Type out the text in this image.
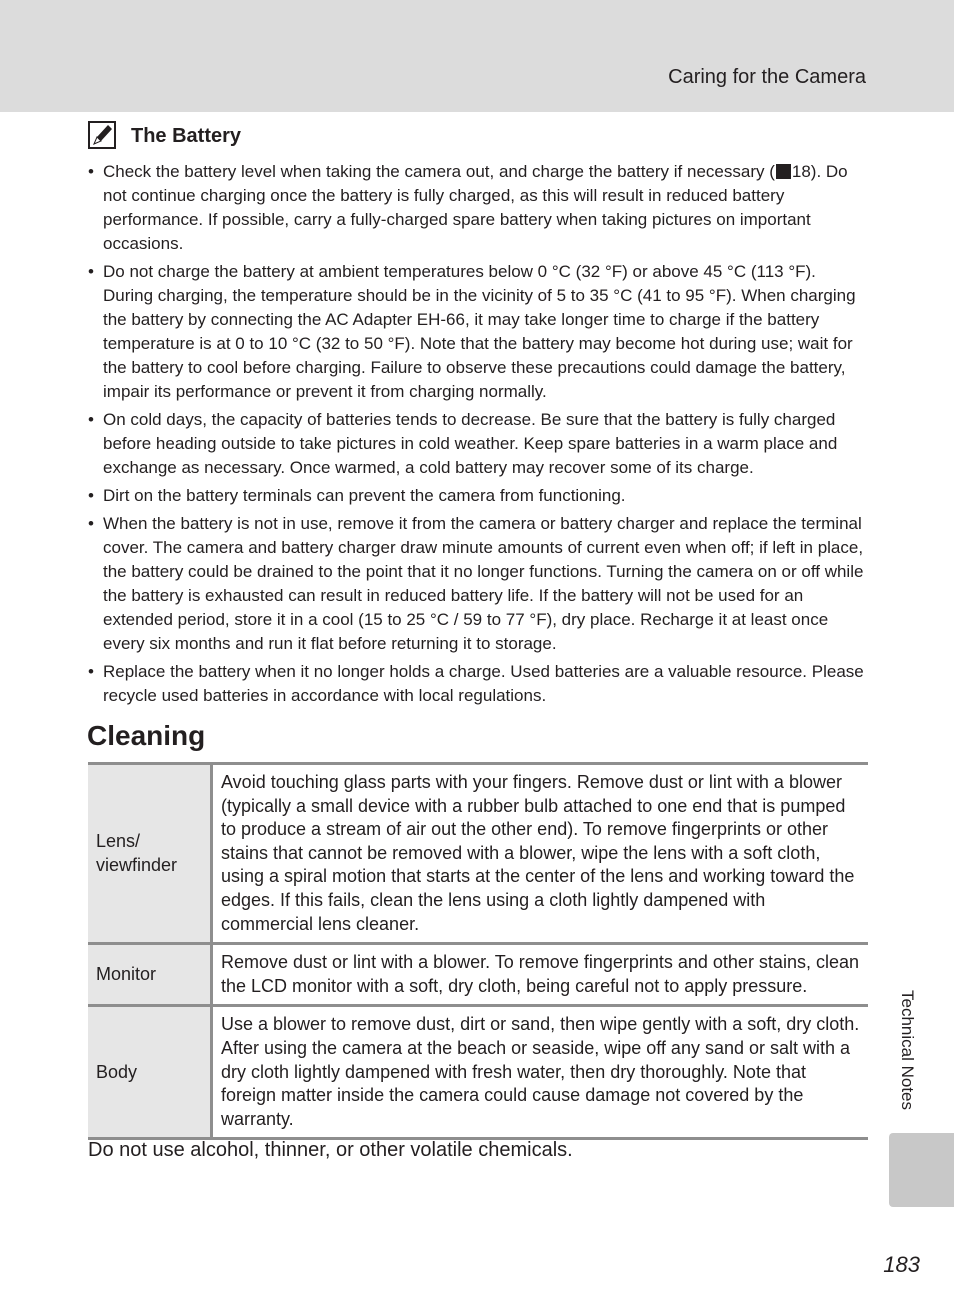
Caring for the Camera
The Battery
• Check the battery level when taking the camera out, and charge the battery if necessary ( 18). Do not continue charging once the battery is fully charged, as this will result in reduced battery performance. If possible, carry a fully-charged spare battery when taking pictures on important occasions.
• Do not charge the battery at ambient temperatures below 0 °C (32 °F) or above 45 °C (113 °F). During charging, the temperature should be in the vicinity of 5 to 35 °C (41 to 95 °F). When charging the battery by connecting the AC Adapter EH-66, it may take longer time to charge if the battery temperature is at 0 to 10 °C (32 to 50 °F). Note that the battery may become hot during use; wait for the battery to cool before charging. Failure to observe these precautions could damage the battery, impair its performance or prevent it from charging normally.
• On cold days, the capacity of batteries tends to decrease. Be sure that the battery is fully charged before heading outside to take pictures in cold weather. Keep spare batteries in a warm place and exchange as necessary. Once warmed, a cold battery may recover some of its charge.
• Dirt on the battery terminals can prevent the camera from functioning.
• When the battery is not in use, remove it from the camera or battery charger and replace the terminal cover. The camera and battery charger draw minute amounts of current even when off; if left in place, the battery could be drained to the point that it no longer functions. Turning the camera on or off while the battery is exhausted can result in reduced battery life. If the battery will not be used for an extended period, store it in a cool (15 to 25 °C / 59 to 77 °F), dry place. Recharge it at least once every six months and run it flat before returning it to storage.
• Replace the battery when it no longer holds a charge. Used batteries are a valuable resource. Please recycle used batteries in accordance with local regulations.
Cleaning
Lens/ viewfinder	Avoid touching glass parts with your fingers. Remove dust or lint with a blower (typically a small device with a rubber bulb attached to one end that is pumped to produce a stream of air out the other end). To remove fingerprints or other stains that cannot be removed with a blower, wipe the lens with a soft cloth, using a spiral motion that starts at the center of the lens and working toward the edges. If this fails, clean the lens using a cloth lightly dampened with commercial lens cleaner.
Monitor	Remove dust or lint with a blower. To remove fingerprints and other stains, clean the LCD monitor with a soft, dry cloth, being careful not to apply pressure.
Body	Use a blower to remove dust, dirt or sand, then wipe gently with a soft, dry cloth. After using the camera at the beach or seaside, wipe off any sand or salt with a dry cloth lightly dampened with fresh water, then dry thoroughly. Note that foreign matter inside the camera could cause damage not covered by the warranty.
Do not use alcohol, thinner, or other volatile chemicals.
Technical Notes
183
